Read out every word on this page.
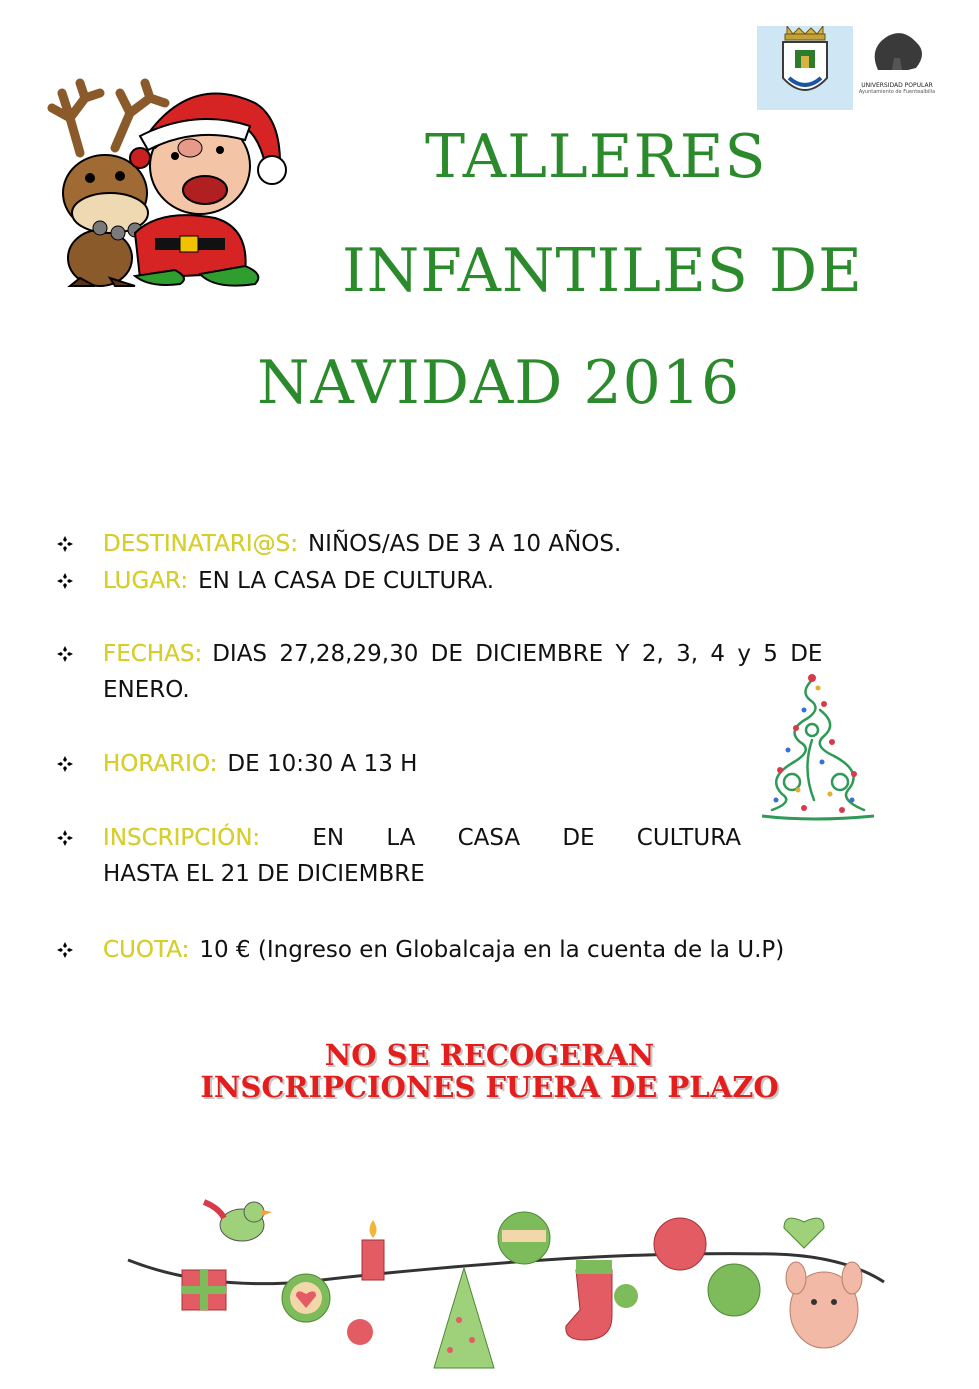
UNIVERSIDAD POPULAR
Ayuntamiento de Fuentealbilla
TALLERES
INFANTILES DE
NAVIDAD 2016
DESTINATARI@S: NIÑOS/AS DE 3 A 10 AÑOS.
LUGAR: EN LA CASA DE CULTURA.
FECHAS: DIAS 27,28,29,30 DE DICIEMBRE Y 2, 3, 4 y 5 DE
ENERO.
HORARIO: DE 10:30 A 13 H
INSCRIPCIÓN: EN LA CASA DE CULTURA
HASTA EL 21 DE DICIEMBRE
CUOTA: 10 € (Ingreso en Globalcaja en la cuenta de la U.P)
NO SE RECOGERAN
INSCRIPCIONES FUERA DE PLAZO
